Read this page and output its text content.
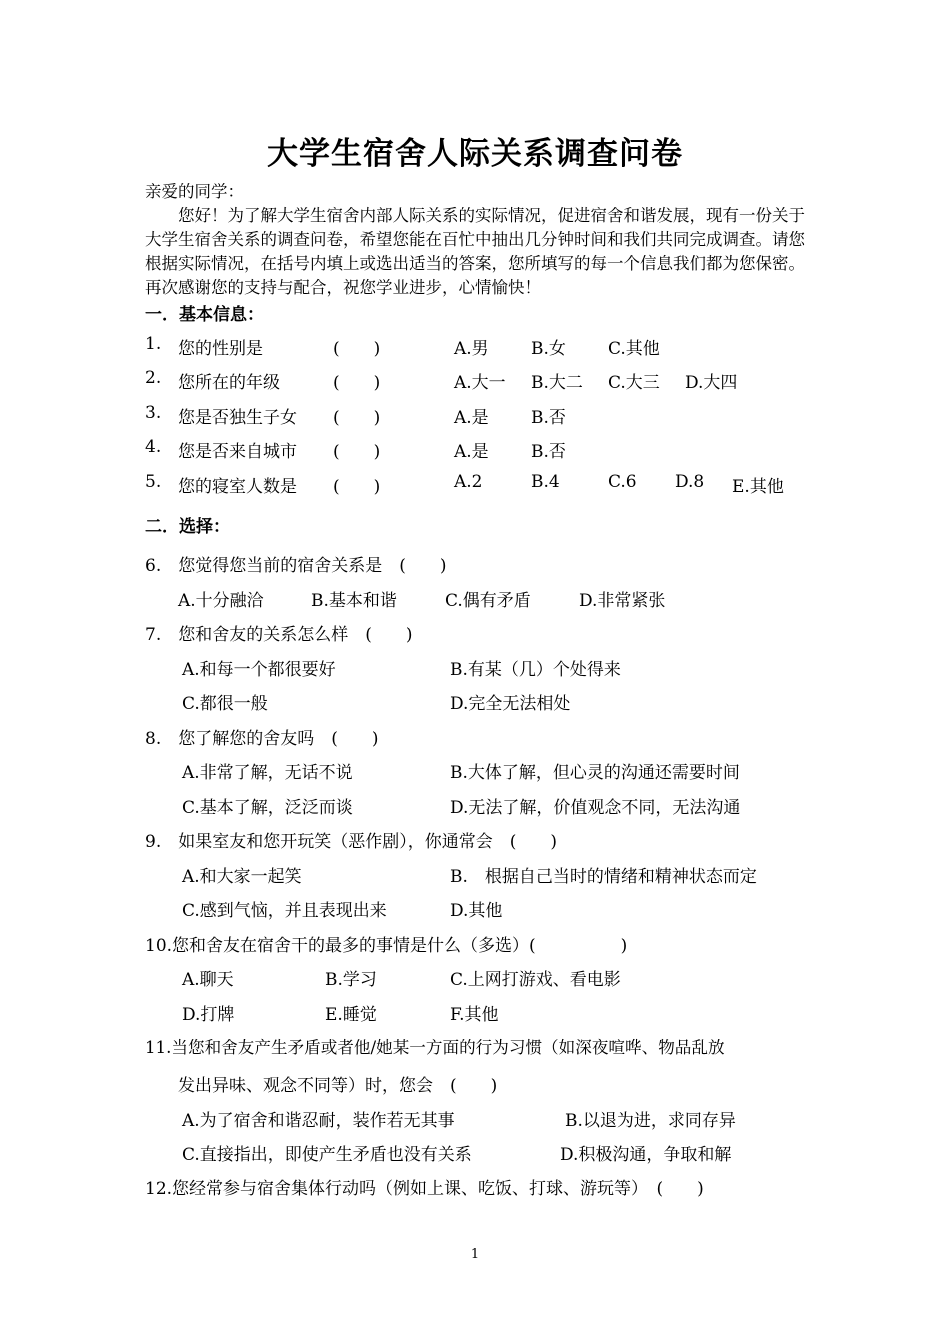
大学生宿舍人际关系调查问卷
亲爱的同学：
　　您好！为了解大学生宿舍内部人际关系的实际情况，促进宿舍和谐发展，现有一份关于
大学生宿舍关系的调查问卷，希望您能在百忙中抽出几分钟时间和我们共同完成调查。请您
根据实际情况，在括号内填上或选出适当的答案，您所填写的每一个信息我们都为您保密。
再次感谢您的支持与配合，祝您学业进步，心情愉快！
一．基本信息：
1. 您的性别是	(　　)	A.男 B.女 C.其他
2. 您所在的年级	(　　)	A.大一 B.大二 C.大三 D.大四
3. 您是否独生子女 (　　)	A.是 B.否
4. 您是否来自城市 (　　)	A.是 B.否
5. 您的寝室人数是 (　　)	A.2	B.4	C.6 D.8 E.其他
二．选择：
6.　您觉得您当前的宿舍关系是　(　　)
A.十分融洽	B.基本和谐	C.偶有矛盾	D.非常紧张
7.　您和舍友的关系怎么样　(　　)
A.和每一个都很要好	B.有某（几）个处得来
C.都很一般	D.完全无法相处
8.　您了解您的舍友吗　(　　)
A.非常了解，无话不说	B.大体了解，但心灵的沟通还需要时间
C.基本了解，泛泛而谈	D.无法了解，价值观念不同，无法沟通
9.　如果室友和您开玩笑（恶作剧），你通常会　(　　)
A.和大家一起笑	B.　根据自己当时的情绪和精神状态而定
C.感到气恼，并且表现出来	D.其他
10.您和舍友在宿舍干的最多的事情是什么（多选）(　　　　　)
A.聊天	B.学习	C.上网打游戏、看电影
D.打牌	E.睡觉	F.其他
11.当您和舍友产生矛盾或者他/她某一方面的行为习惯（如深夜喧哗、物品乱放
发出异味、观念不同等）时，您会　(　　)
A.为了宿舍和谐忍耐，装作若无其事	B.以退为进，求同存异
C.直接指出，即使产生矛盾也没有关系	D.积极沟通，争取和解
12.您经常参与宿舍集体行动吗（例如上课、吃饭、打球、游玩等）　(　　)
1
